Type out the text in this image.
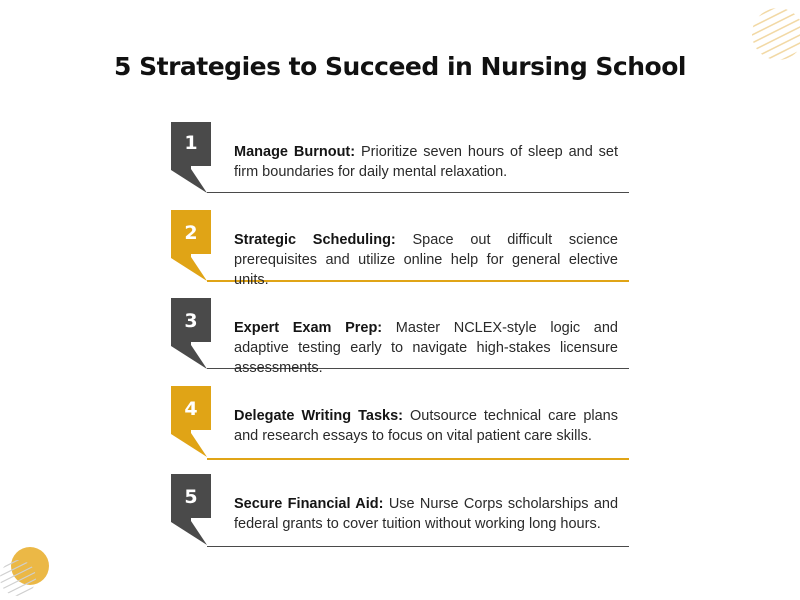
5 Strategies to Succeed in Nursing School
1	Manage Burnout: Prioritize seven hours of sleep and set firm boundaries for daily mental relaxation.
2	Strategic Scheduling: Space out difficult science prerequisites and utilize online help for general elective units.
3	Expert Exam Prep: Master NCLEX-style logic and adaptive testing early to navigate high-stakes licensure assessments.
4	Delegate Writing Tasks: Outsource technical care plans and research essays to focus on vital patient care skills.
5	Secure Financial Aid: Use Nurse Corps scholarships and federal grants to cover tuition without working long hours.
